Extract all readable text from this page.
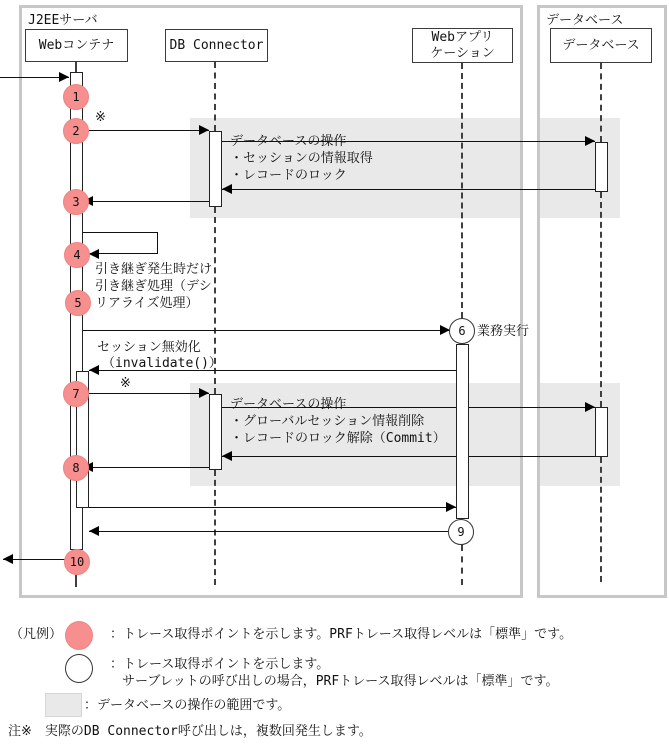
J2EEサーバ	データベース
Webコンテナ	DB Connector
Webアプリ
ケーション
データベース
1
2
3
4
5
7
8
10
6
9
※
※
データベースの操作
・セッションの情報取得
・レコードのロック
引き継ぎ発生時だけ
引き継ぎ処理（デシ
リアライズ処理）
業務実行
セッション無効化
（invalidate()）
データベースの操作
・グローバルセッション情報削除
・レコードのロック解除（Commit）
（凡例）	：トレース取得ポイントを示します。PRFトレース取得レベルは「標準」です。
：トレース取得ポイントを示します。
サーブレットの呼び出しの場合，PRFトレース取得レベルは「標準」です。
：データベースの操作の範囲です。
注※　実際のDB Connector呼び出しは，複数回発生します。
